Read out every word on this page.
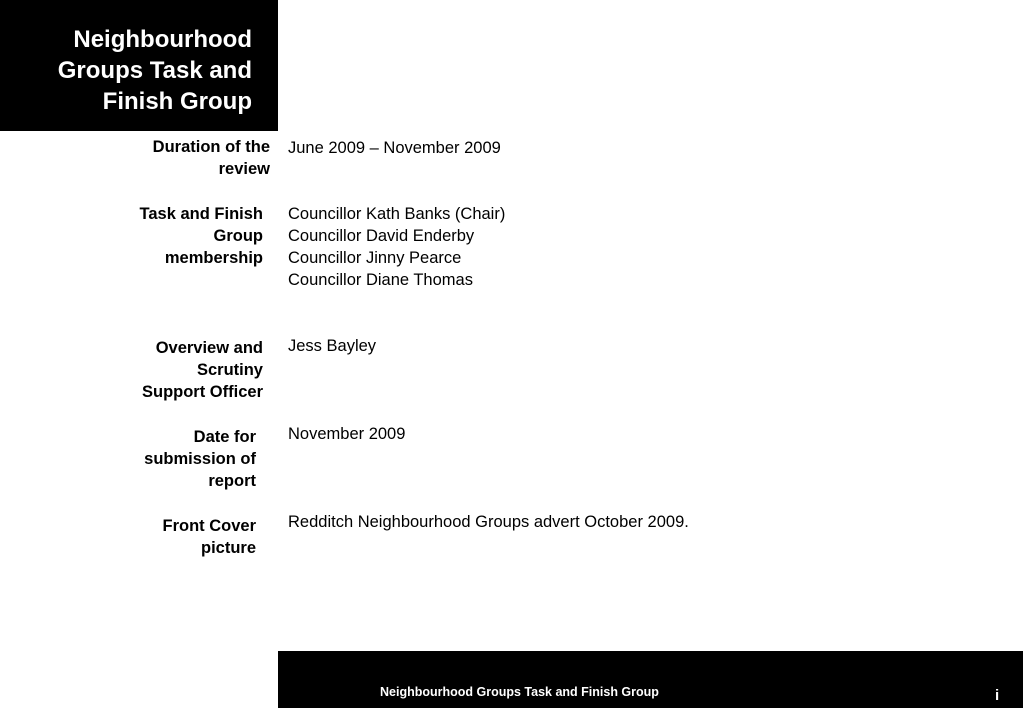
Neighbourhood
Groups Task and
Finish Group
Duration of the
review
June 2009 – November 2009
Task and Finish
Group
membership
Councillor Kath Banks (Chair)
Councillor David Enderby
Councillor Jinny Pearce
Councillor Diane Thomas
Overview and
Scrutiny
Support Officer
Jess Bayley
Date for
submission of
report
November 2009
Front Cover
picture
Redditch Neighbourhood Groups advert October 2009.
Neighbourhood Groups Task and Finish Group	i
